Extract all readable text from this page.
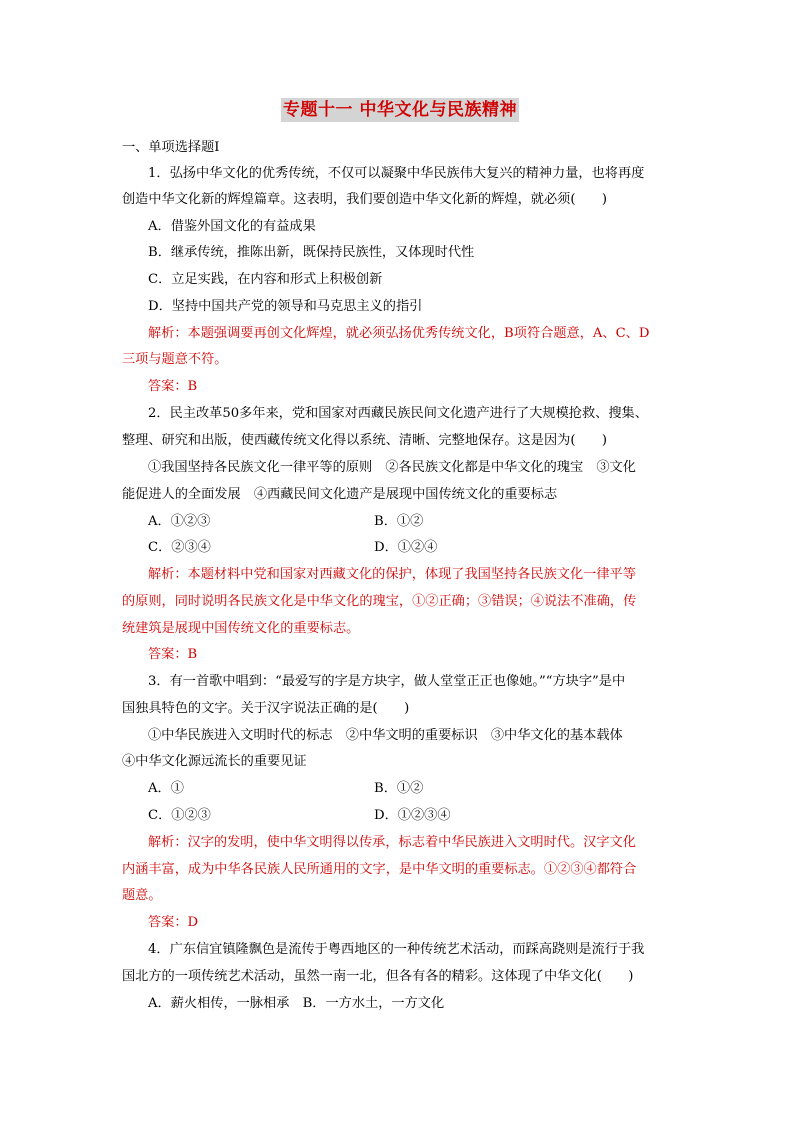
专题十一 中华文化与民族精神
一、单项选择题Ⅰ
1．弘扬中华文化的优秀传统，不仅可以凝聚中华民族伟大复兴的精神力量，也将再度
创造中华文化新的辉煌篇章。这表明，我们要创造中华文化新的辉煌，就必须(　　)
A．借鉴外国文化的有益成果
B．继承传统，推陈出新，既保持民族性，又体现时代性
C．立足实践，在内容和形式上积极创新
D．坚持中国共产党的领导和马克思主义的指引
解析：本题强调要再创文化辉煌，就必须弘扬优秀传统文化，B项符合题意，A、C、D
三项与题意不符。
答案：B
2．民主改革50多年来，党和国家对西藏民族民间文化遗产进行了大规模抢救、搜集、
整理、研究和出版，使西藏传统文化得以系统、清晰、完整地保存。这是因为(　　)
①我国坚持各民族文化一律平等的原则　②各民族文化都是中华文化的瑰宝　③文化
能促进人的全面发展　④西藏民间文化遗产是展现中国传统文化的重要标志
A．①②③	B．①②
C．②③④	D．①②④
解析：本题材料中党和国家对西藏文化的保护，体现了我国坚持各民族文化一律平等
的原则，同时说明各民族文化是中华文化的瑰宝，①②正确；③错误；④说法不准确，传
统建筑是展现中国传统文化的重要标志。
答案：B
3．有一首歌中唱到：“最爱写的字是方块字，做人堂堂正正也像她。”“方块字”是中
国独具特色的文字。关于汉字说法正确的是(　　)
①中华民族进入文明时代的标志　②中华文明的重要标识　③中华文化的基本载体
④中华文化源远流长的重要见证
A．①	B．①②
C．①②③	D．①②③④
解析：汉字的发明，使中华文明得以传承，标志着中华民族进入文明时代。汉字文化
内涵丰富，成为中华各民族人民所通用的文字，是中华文明的重要标志。①②③④都符合
题意。
答案：D
4．广东信宜镇隆飘色是流传于粤西地区的一种传统艺术活动，而踩高跷则是流行于我
国北方的一项传统艺术活动，虽然一南一北，但各有各的精彩。这体现了中华文化(　　)
A．薪火相传，一脉相承　B．一方水土，一方文化
